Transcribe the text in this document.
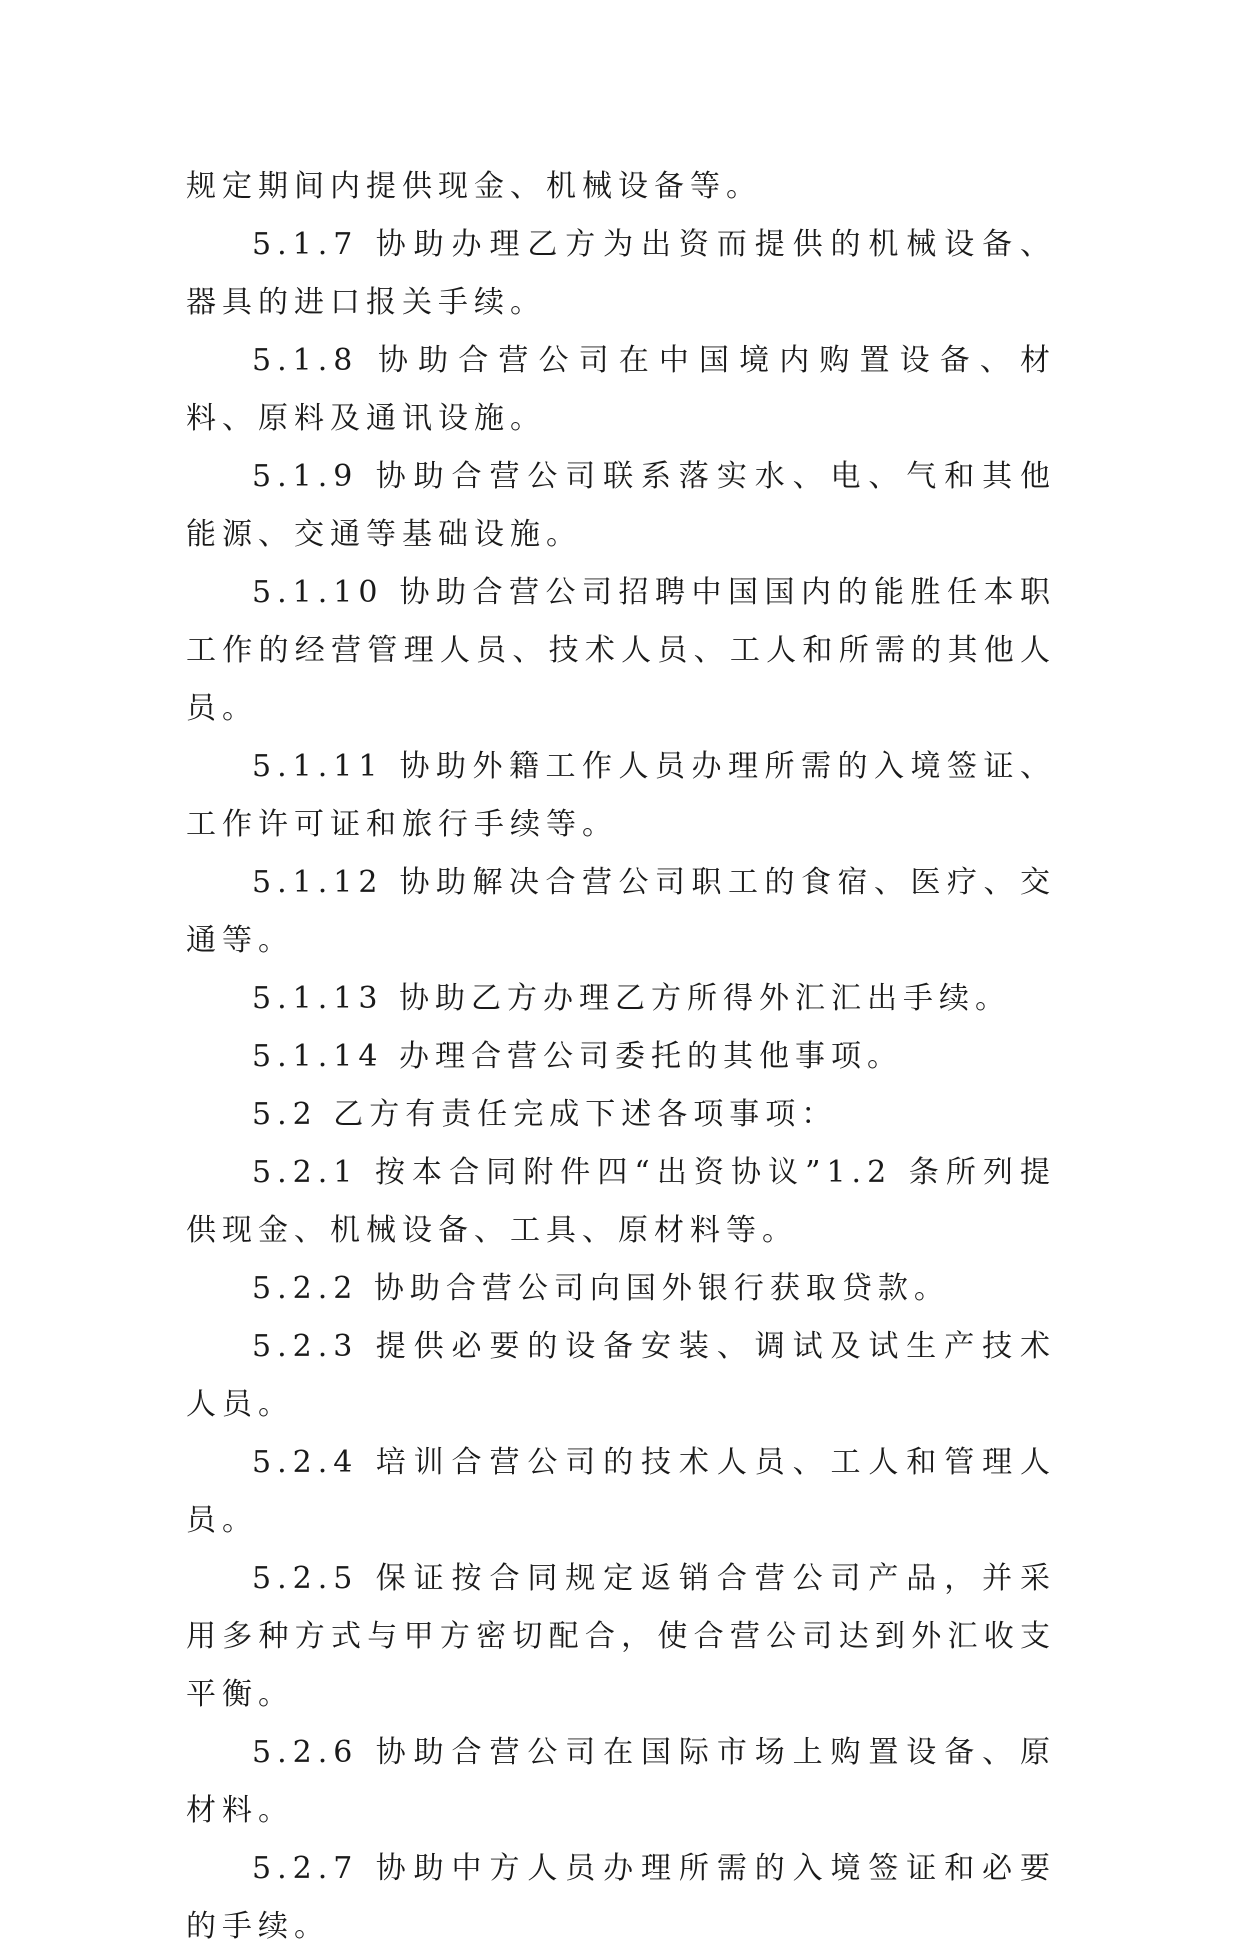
规定期间内提供现金、机械设备等。

5.1.7 协助办理乙方为出资而提供的机械设备、器具的进口报关手续。

5.1.8 协助合营公司在中国境内购置设备、材料、原料及通讯设施。

5.1.9 协助合营公司联系落实水、电、气和其他能源、交通等基础设施。

5.1.10 协助合营公司招聘中国国内的能胜任本职工作的经营管理人员、技术人员、工人和所需的其他人员。

5.1.11 协助外籍工作人员办理所需的入境签证、工作许可证和旅行手续等。

5.1.12 协助解决合营公司职工的食宿、医疗、交通等。

5.1.13 协助乙方办理乙方所得外汇汇出手续。

5.1.14 办理合营公司委托的其他事项。

5.2 乙方有责任完成下述各项事项：

5.2.1 按本合同附件四“出资协议”1.2 条所列提供现金、机械设备、工具、原材料等。

5.2.2 协助合营公司向国外银行获取贷款。

5.2.3 提供必要的设备安装、调试及试生产技术人员。

5.2.4 培训合营公司的技术人员、工人和管理人员。

5.2.5 保证按合同规定返销合营公司产品，并采用多种方式与甲方密切配合，使合营公司达到外汇收支平衡。

5.2.6 协助合营公司在国际市场上购置设备、原材料。

5.2.7 协助中方人员办理所需的入境签证和必要的手续。
